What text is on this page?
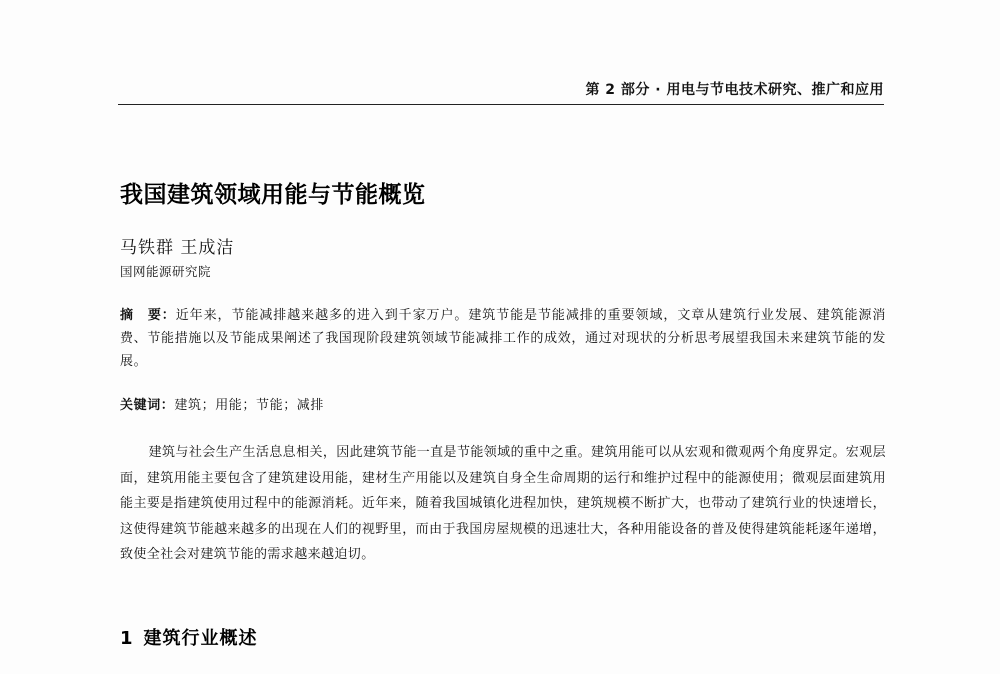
第 2 部分 · 用电与节电技术研究、推广和应用
我国建筑领域用能与节能概览
马铁群 王成洁
国网能源研究院
摘　要：近年来，节能减排越来越多的进入到千家万户。建筑节能是节能减排的重要领域，文章从建筑行业发展、建筑能源消费、节能措施以及节能成果阐述了我国现阶段建筑领域节能减排工作的成效，通过对现状的分析思考展望我国未来建筑节能的发展。
关键词：建筑；用能；节能；减排
建筑与社会生产生活息息相关，因此建筑节能一直是节能领域的重中之重。建筑用能可以从宏观和微观两个角度界定。宏观层面，建筑用能主要包含了建筑建设用能，建材生产用能以及建筑自身全生命周期的运行和维护过程中的能源使用；微观层面建筑用能主要是指建筑使用过程中的能源消耗。近年来，随着我国城镇化进程加快，建筑规模不断扩大，也带动了建筑行业的快速增长，这使得建筑节能越来越多的出现在人们的视野里，而由于我国房屋规模的迅速壮大，各种用能设备的普及使得建筑能耗逐年递增，致使全社会对建筑节能的需求越来越迫切。
1 建筑行业概述
